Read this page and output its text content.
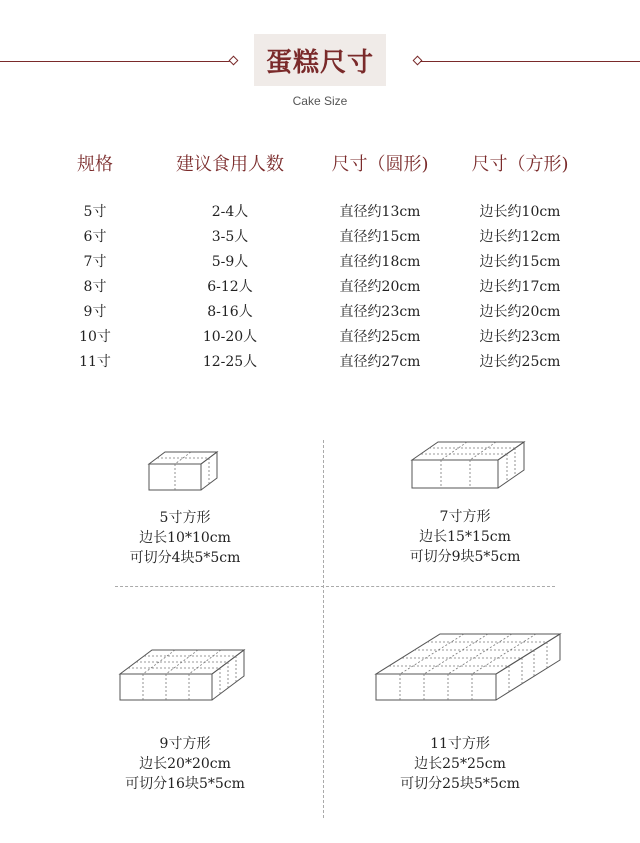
蛋糕尺寸
Cake Size
规格	建议食用人数	尺寸（圆形)	尺寸（方形)
5寸	2-4人	直径约13cm	边长约10cm
6寸	3-5人	直径约15cm	边长约12cm
7寸	5-9人	直径约18cm	边长约15cm
8寸	6-12人	直径约20cm	边长约17cm
9寸	8-16人	直径约23cm	边长约20cm
10寸	10-20人	直径约25cm	边长约23cm
11寸	12-25人	直径约27cm	边长约25cm
5寸方形
边长10*10cm
可切分4块5*5cm
7寸方形
边长15*15cm
可切分9块5*5cm
9寸方形
边长20*20cm
可切分16块5*5cm
11寸方形
边长25*25cm
可切分25块5*5cm
